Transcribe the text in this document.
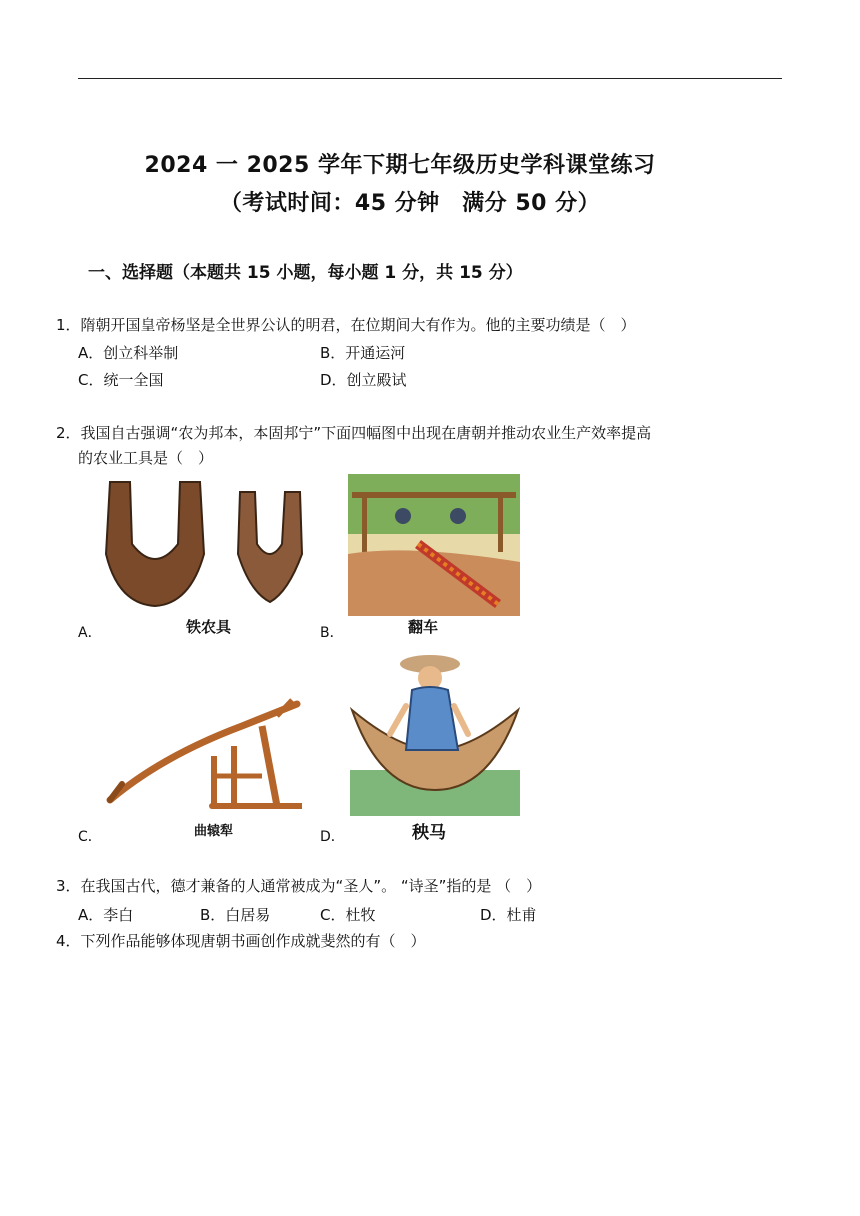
2024 一 2025 学年下期七年级历史学科课堂练习
（考试时间：45 分钟　满分 50 分）
一、选择题（本题共 15 小题，每小题 1 分，共 15 分）
1．隋朝开国皇帝杨坚是全世界公认的明君，在位期间大有作为。他的主要功绩是（　）
A．创立科举制	B．开通运河
C．统一全国	D．创立殿试
2．我国自古强调“农为邦本，本固邦宁”下面四幅图中出现在唐朝并推动农业生产效率提高
的农业工具是（　）
A．	铁农具	B．	翻车
C．	曲辕犁	D．	秧马
3．在我国古代，德才兼备的人通常被成为“圣人”。 “诗圣”指的是 （　）
A．李白	B．白居易	C．杜牧	D．杜甫
4．下列作品能够体现唐朝书画创作成就斐然的有（　）
